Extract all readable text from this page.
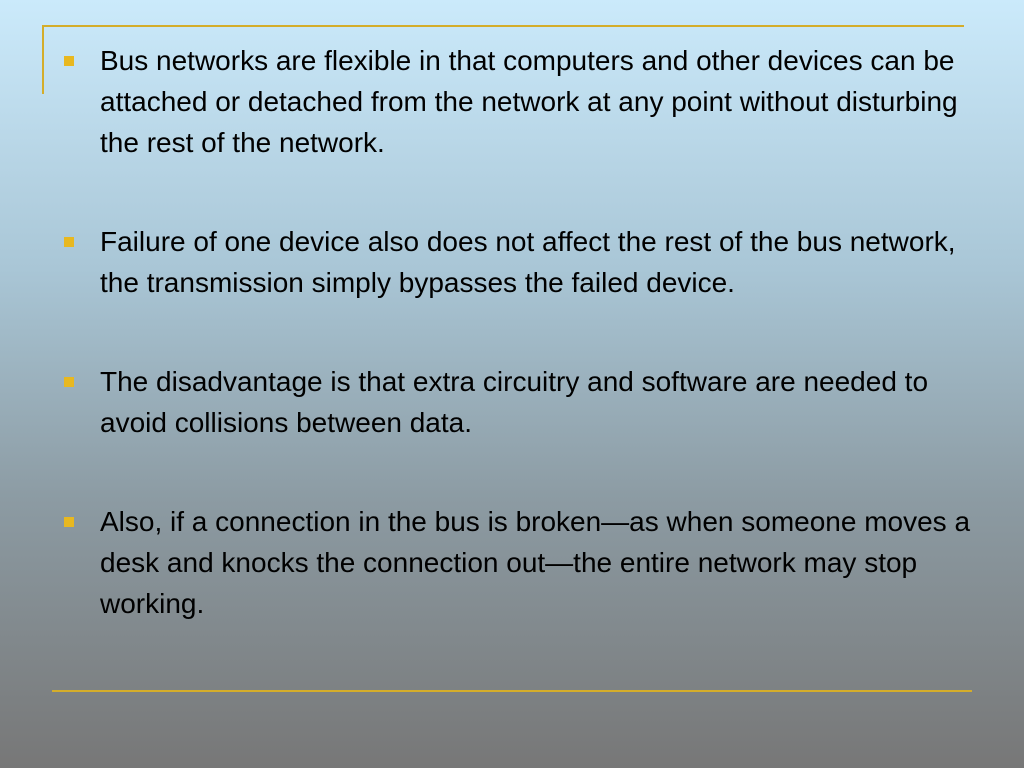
Bus networks are flexible in that computers and other devices can be attached or detached from the network at any point without disturbing the rest of the network.
Failure of one device also does not affect the rest of the bus network, the transmission simply bypasses the failed device.
The disadvantage is that extra circuitry and software are needed to avoid collisions between data.
Also, if a connection in the bus is broken—as when someone moves a desk and knocks the connection out—the entire network may stop working.
